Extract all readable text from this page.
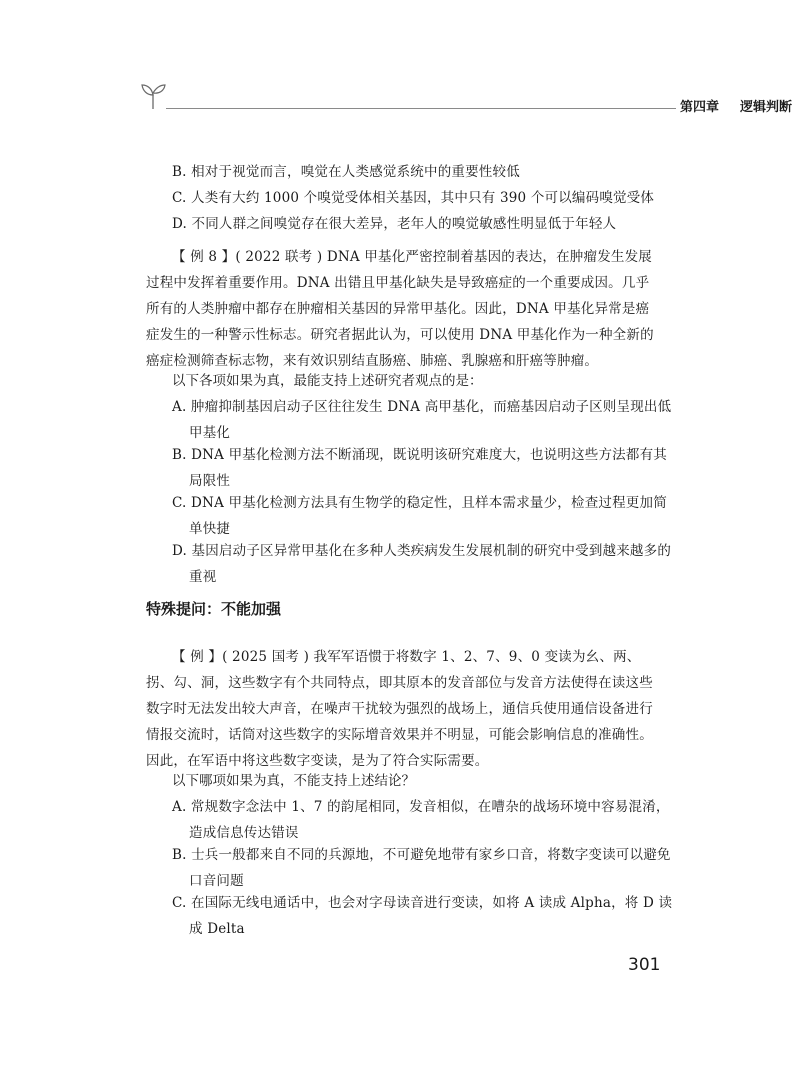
第四章 逻辑判断
B. 相对于视觉而言，嗅觉在人类感觉系统中的重要性较低
C. 人类有大约 1000 个嗅觉受体相关基因，其中只有 390 个可以编码嗅觉受体
D. 不同人群之间嗅觉存在很大差异，老年人的嗅觉敏感性明显低于年轻人
【 例 8 】( 2022 联考 ) DNA 甲基化严密控制着基因的表达，在肿瘤发生发展过程中发挥着重要作用。DNA 出错且甲基化缺失是导致癌症的一个重要成因。几乎所有的人类肿瘤中都存在肿瘤相关基因的异常甲基化。因此，DNA 甲基化异常是癌症发生的一种警示性标志。研究者据此认为，可以使用 DNA 甲基化作为一种全新的癌症检测筛查标志物，来有效识别结直肠癌、肺癌、乳腺癌和肝癌等肿瘤。
以下各项如果为真，最能支持上述研究者观点的是：
A. 肿瘤抑制基因启动子区往往发生 DNA 高甲基化，而癌基因启动子区则呈现出低甲基化
B. DNA 甲基化检测方法不断涌现，既说明该研究难度大，也说明这些方法都有其局限性
C. DNA 甲基化检测方法具有生物学的稳定性，且样本需求量少，检查过程更加简单快捷
D. 基因启动子区异常甲基化在多种人类疾病发生发展机制的研究中受到越来越多的重视
特殊提问：不能加强
【 例 】( 2025 国考 ) 我军军语惯于将数字 1、2、7、9、0 变读为幺、两、拐、勾、洞，这些数字有个共同特点，即其原本的发音部位与发音方法使得在读这些数字时无法发出较大声音，在噪声干扰较为强烈的战场上，通信兵使用通信设备进行情报交流时，话筒对这些数字的实际增音效果并不明显，可能会影响信息的准确性。因此，在军语中将这些数字变读，是为了符合实际需要。
以下哪项如果为真，不能支持上述结论？
A. 常规数字念法中 1、7 的韵尾相同，发音相似，在嘈杂的战场环境中容易混淆，造成信息传达错误
B. 士兵一般都来自不同的兵源地，不可避免地带有家乡口音，将数字变读可以避免口音问题
C. 在国际无线电通话中，也会对字母读音进行变读，如将 A 读成 Alpha，将 D 读成 Delta
301
